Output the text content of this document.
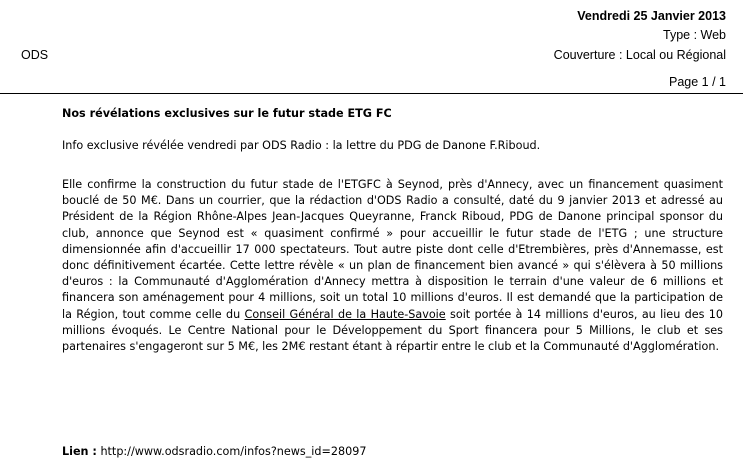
Vendredi 25 Janvier 2013
Type : Web
ODS	Couverture : Local ou Régional
Page 1 / 1
Nos révélations exclusives sur le futur stade ETG FC
Info exclusive révélée vendredi par ODS Radio : la lettre du PDG de Danone F.Riboud.
Elle confirme la construction du futur stade de l'ETGFC à Seynod, près d'Annecy, avec un financement quasiment bouclé de 50 M€. Dans un courrier, que la rédaction d'ODS Radio a consulté, daté du 9 janvier 2013 et adressé au Président de la Région Rhône-Alpes Jean-Jacques Queyranne, Franck Riboud, PDG de Danone principal sponsor du club, annonce que Seynod est « quasiment confirmé » pour accueillir le futur stade de l'ETG ; une structure dimensionnée afin d'accueillir 17 000 spectateurs. Tout autre piste dont celle d'Etrembières, près d'Annemasse, est donc définitivement écartée. Cette lettre révèle « un plan de financement bien avancé » qui s'élèvera à 50 millions d'euros : la Communauté d'Agglomération d'Annecy mettra à disposition le terrain d'une valeur de 6 millions et financera son aménagement pour 4 millions, soit un total 10 millions d'euros. Il est demandé que la participation de la Région, tout comme celle du Conseil Général de la Haute-Savoie soit portée à 14 millions d'euros, au lieu des 10 millions évoqués. Le Centre National pour le Développement du Sport financera pour 5 Millions, le club et ses partenaires s'engageront sur 5 M€, les 2M€ restant étant à répartir entre le club et la Communauté d'Agglomération.
Lien : http://www.odsradio.com/infos?news_id=28097
